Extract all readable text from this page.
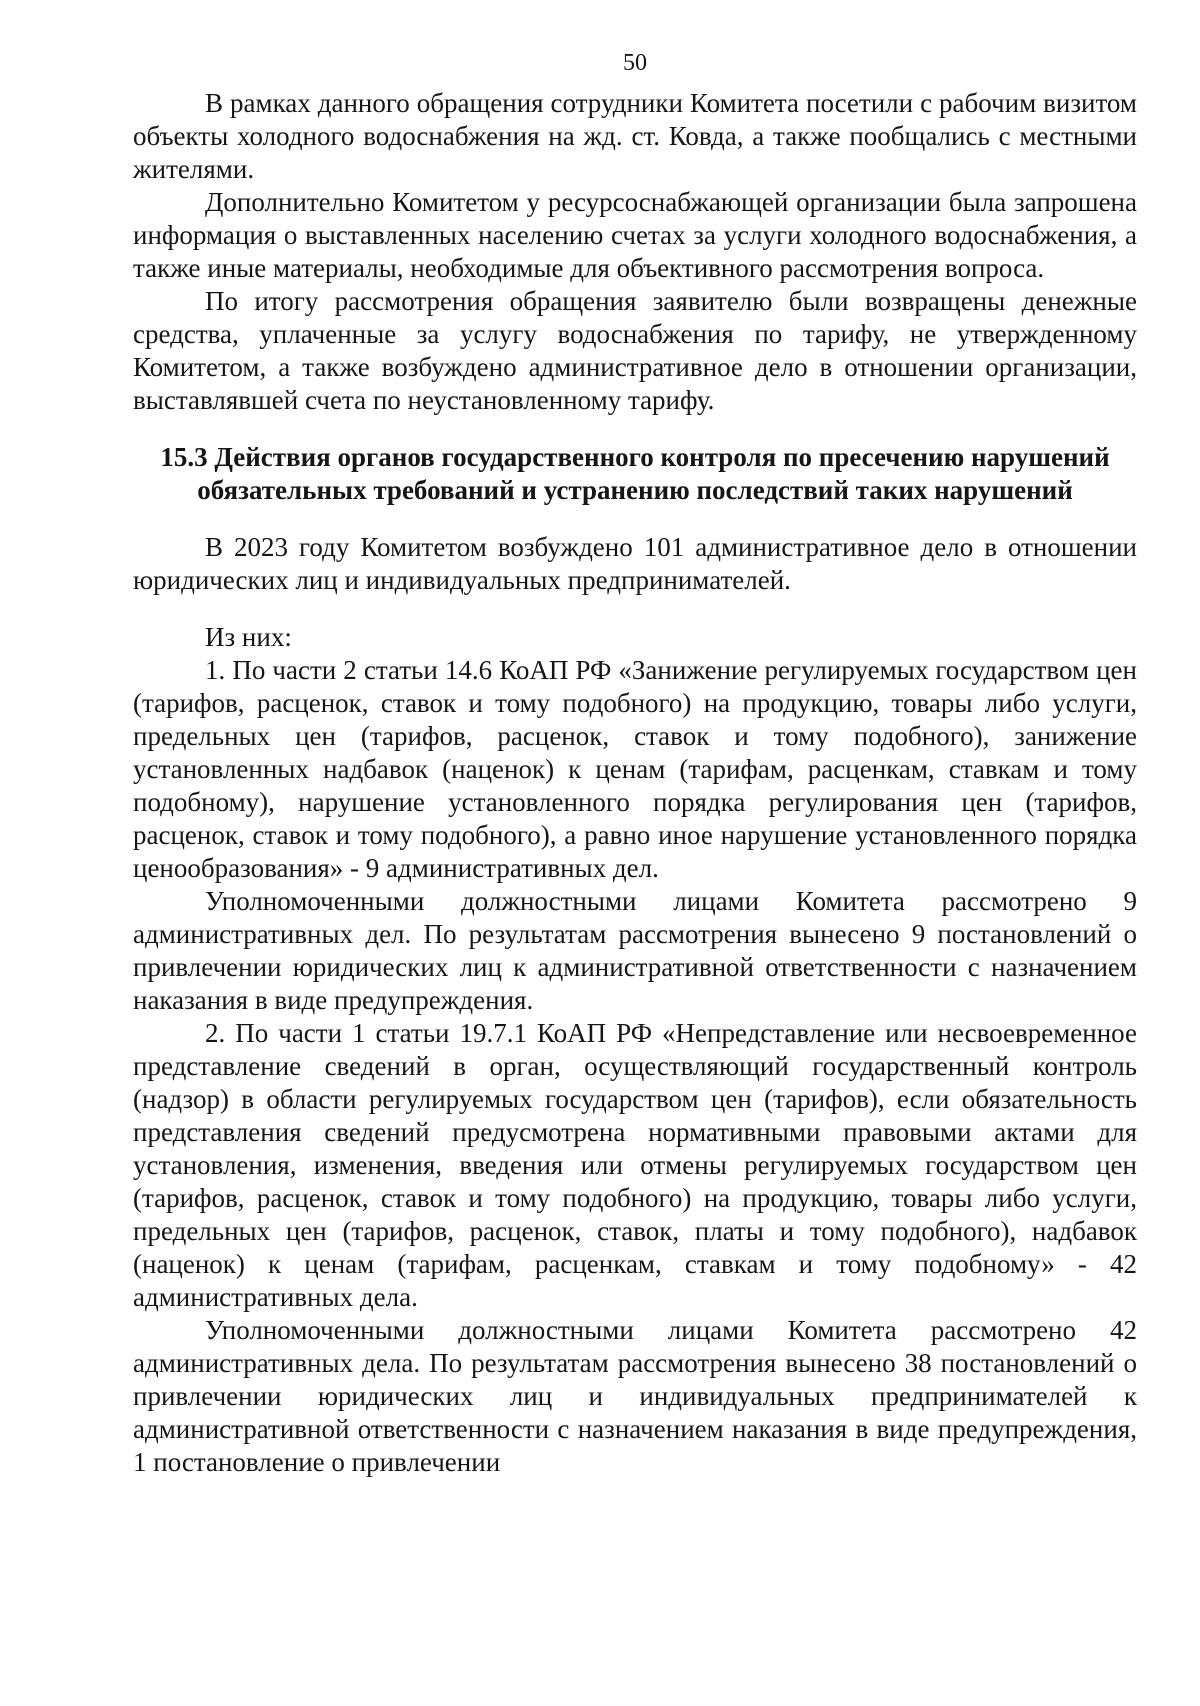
50

В рамках данного обращения сотрудники Комитета посетили с рабочим визитом объекты холодного водоснабжения на жд. ст. Ковда, а также пообщались с местными жителями.

Дополнительно Комитетом у ресурсоснабжающей организации была запрошена информация о выставленных населению счетах за услуги холодного водоснабжения, а также иные материалы, необходимые для объективного рассмотрения вопроса.

По итогу рассмотрения обращения заявителю были возвращены денежные средства, уплаченные за услугу водоснабжения по тарифу, не утвержденному Комитетом, а также возбуждено административное дело в отношении организации, выставлявшей счета по неустановленному тарифу.

15.3 Действия органов государственного контроля по пресечению нарушений обязательных требований и устранению последствий таких нарушений

В 2023 году Комитетом возбуждено 101 административное дело в отношении юридических лиц и индивидуальных предпринимателей.

Из них:

1. По части 2 статьи 14.6 КоАП РФ «Занижение регулируемых государством цен (тарифов, расценок, ставок и тому подобного) на продукцию, товары либо услуги, предельных цен (тарифов, расценок, ставок и тому подобного), занижение установленных надбавок (наценок) к ценам (тарифам, расценкам, ставкам и тому подобному), нарушение установленного порядка регулирования цен (тарифов, расценок, ставок и тому подобного), а равно иное нарушение установленного порядка ценообразования» - 9 административных дел.

Уполномоченными должностными лицами Комитета рассмотрено 9 административных дел. По результатам рассмотрения вынесено 9 постановлений о привлечении юридических лиц к административной ответственности с назначением наказания в виде предупреждения.

2. По части 1 статьи 19.7.1 КоАП РФ «Непредставление или несвоевременное представление сведений в орган, осуществляющий государственный контроль (надзор) в области регулируемых государством цен (тарифов), если обязательность представления сведений предусмотрена нормативными правовыми актами для установления, изменения, введения или отмены регулируемых государством цен (тарифов, расценок, ставок и тому подобного) на продукцию, товары либо услуги, предельных цен (тарифов, расценок, ставок, платы и тому подобного), надбавок (наценок) к ценам (тарифам, расценкам, ставкам и тому подобному» - 42 административных дела.

Уполномоченными должностными лицами Комитета рассмотрено 42 административных дела. По результатам рассмотрения вынесено 38 постановлений о привлечении юридических лиц и индивидуальных предпринимателей к административной ответственности с назначением наказания в виде предупреждения, 1 постановление о привлечении
